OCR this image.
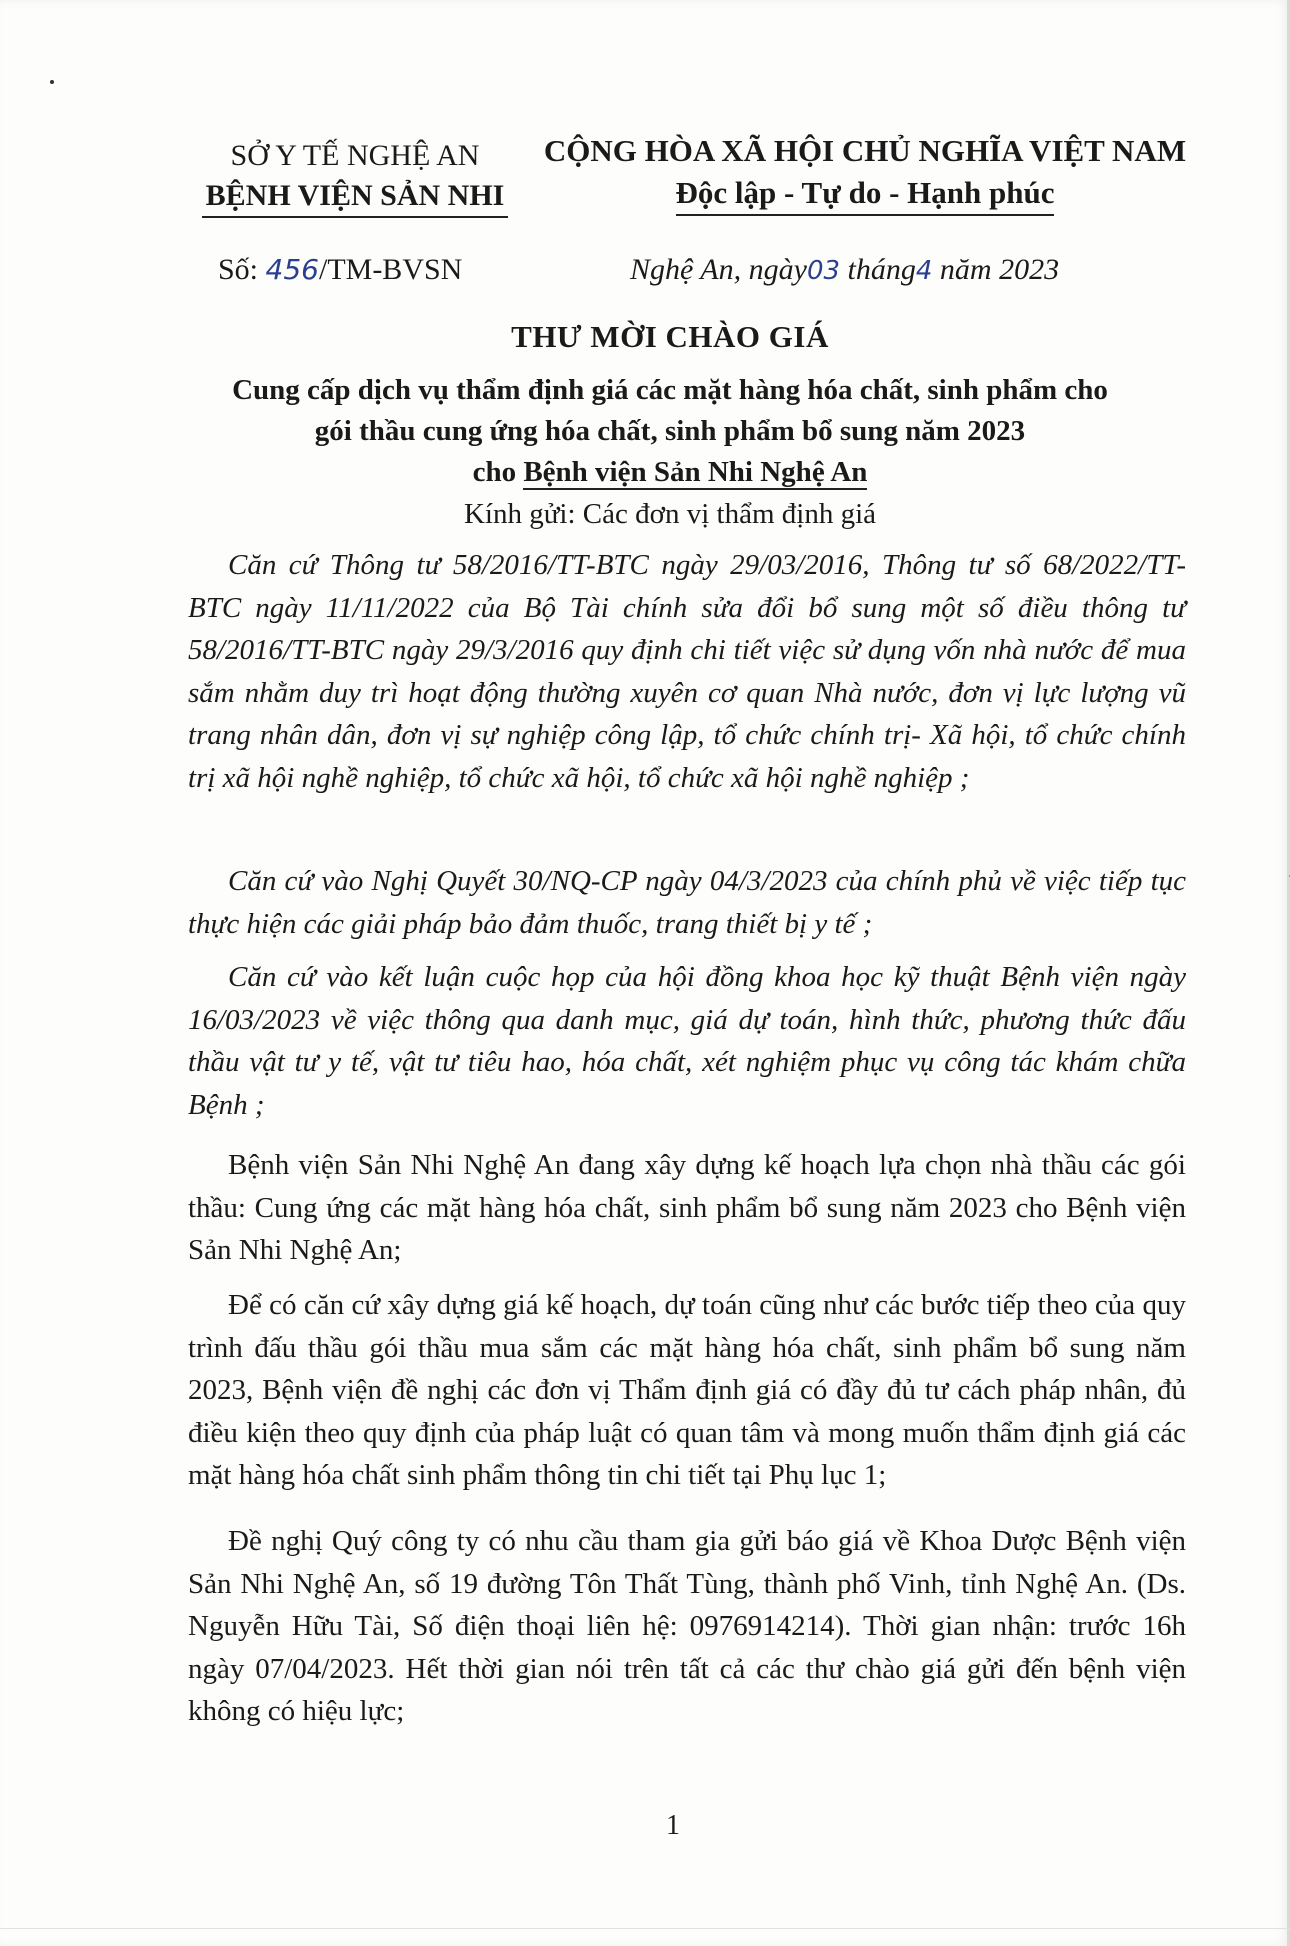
SỞ Y TẾ NGHỆ AN
BỆNH VIỆN SẢN NHI
CỘNG HÒA XÃ HỘI CHỦ NGHĨA VIỆT NAM
Độc lập - Tự do - Hạnh phúc
Số: 456/TM-BVSN	Nghệ An, ngày03 tháng4 năm 2023
THƯ MỜI CHÀO GIÁ
Cung cấp dịch vụ thẩm định giá các mặt hàng hóa chất, sinh phẩm cho
gói thầu cung ứng hóa chất, sinh phẩm bổ sung năm 2023
cho Bệnh viện Sản Nhi Nghệ An
Kính gửi: Các đơn vị thẩm định giá
Căn cứ Thông tư 58/2016/TT-BTC ngày 29/03/2016, Thông tư số 68/2022/TT-BTC ngày 11/11/2022 của Bộ Tài chính sửa đổi bổ sung một số điều thông tư 58/2016/TT-BTC ngày 29/3/2016 quy định chi tiết việc sử dụng vốn nhà nước để mua sắm nhằm duy trì hoạt động thường xuyên cơ quan Nhà nước, đơn vị lực lượng vũ trang nhân dân, đơn vị sự nghiệp công lập, tổ chức chính trị- Xã hội, tổ chức chính trị xã hội nghề nghiệp, tổ chức xã hội, tổ chức xã hội nghề nghiệp ;
Căn cứ vào Nghị Quyết 30/NQ-CP ngày 04/3/2023 của chính phủ về việc tiếp tục thực hiện các giải pháp bảo đảm thuốc, trang thiết bị y tế ;
Căn cứ vào kết luận cuộc họp của hội đồng khoa học kỹ thuật Bệnh viện ngày 16/03/2023 về việc thông qua danh mục, giá dự toán, hình thức, phương thức đấu thầu vật tư y tế, vật tư tiêu hao, hóa chất, xét nghiệm phục vụ công tác khám chữa Bệnh ;
Bệnh viện Sản Nhi Nghệ An đang xây dựng kế hoạch lựa chọn nhà thầu các gói thầu: Cung ứng các mặt hàng hóa chất, sinh phẩm bổ sung năm 2023 cho Bệnh viện Sản Nhi Nghệ An;
Để có căn cứ xây dựng giá kế hoạch, dự toán cũng như các bước tiếp theo của quy trình đấu thầu gói thầu mua sắm các mặt hàng hóa chất, sinh phẩm bổ sung năm 2023, Bệnh viện đề nghị các đơn vị Thẩm định giá có đầy đủ tư cách pháp nhân, đủ điều kiện theo quy định của pháp luật có quan tâm và mong muốn thẩm định giá các mặt hàng hóa chất sinh phẩm thông tin chi tiết tại Phụ lục 1;
Đề nghị Quý công ty có nhu cầu tham gia gửi báo giá về Khoa Dược Bệnh viện Sản Nhi Nghệ An, số 19 đường Tôn Thất Tùng, thành phố Vinh, tỉnh Nghệ An. (Ds. Nguyễn Hữu Tài, Số điện thoại liên hệ: 0976914214). Thời gian nhận: trước 16h ngày 07/04/2023. Hết thời gian nói trên tất cả các thư chào giá gửi đến bệnh viện không có hiệu lực;
1
